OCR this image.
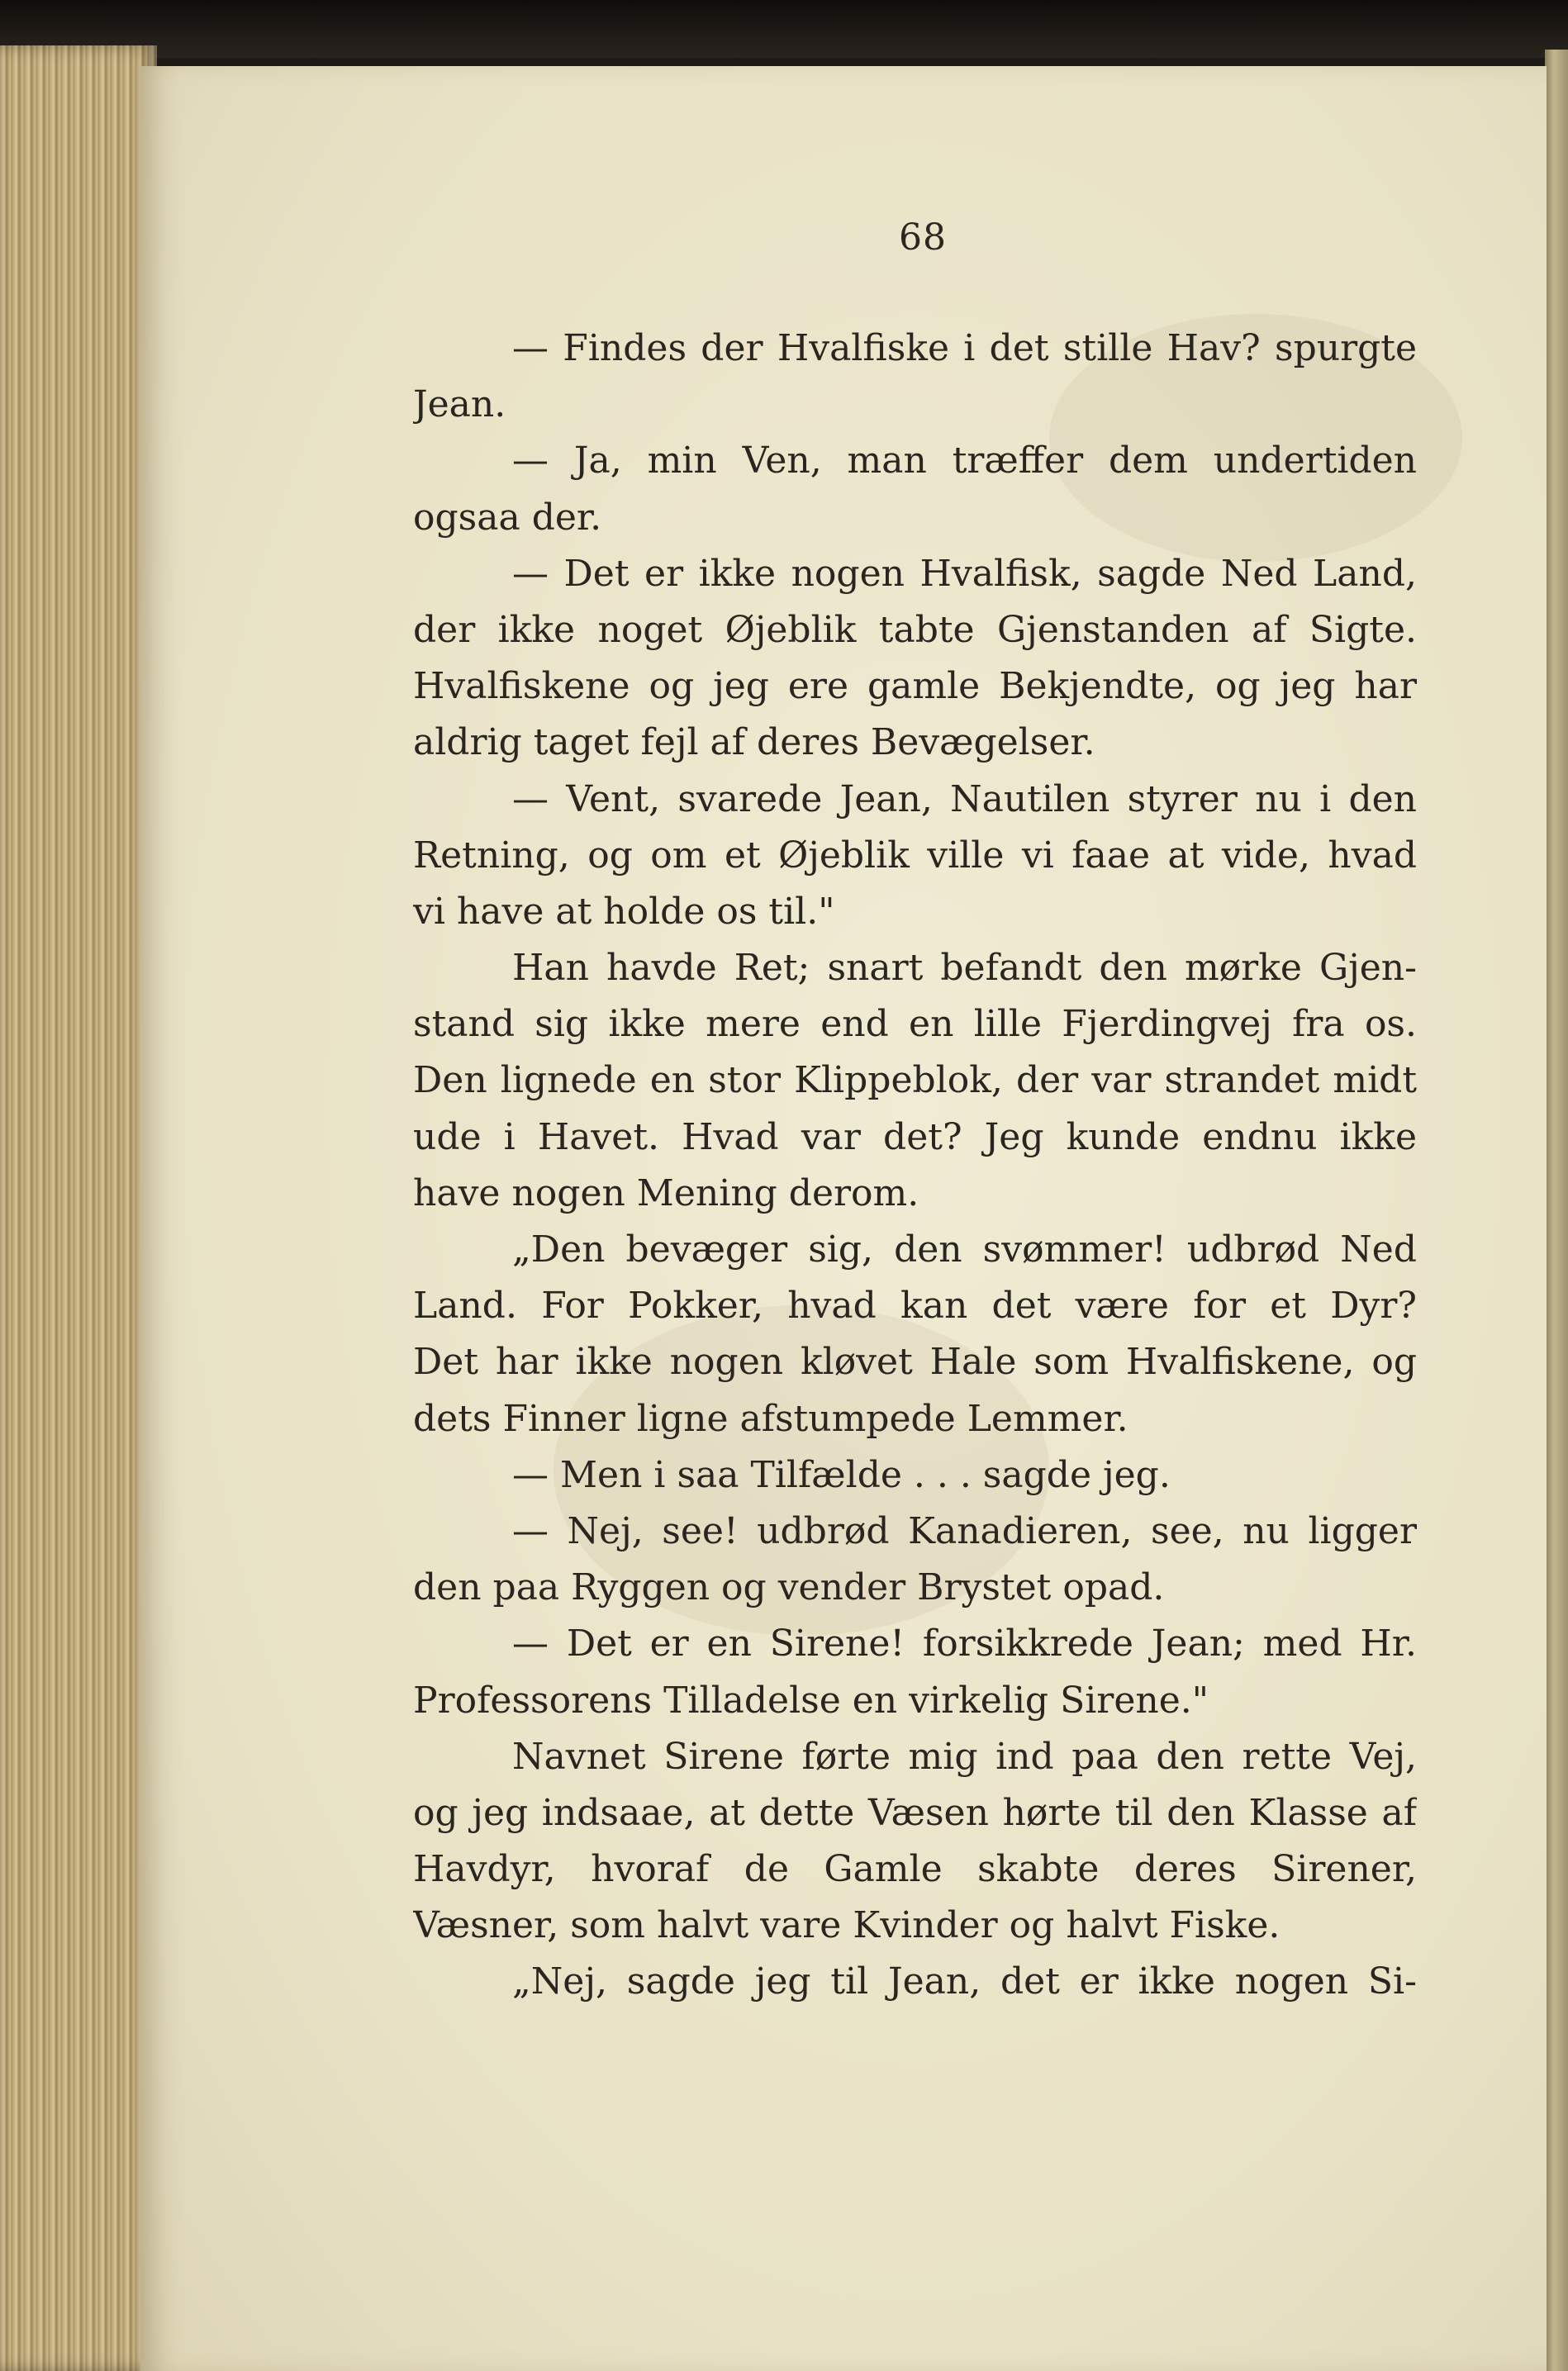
68
— Findes der Hvalfiske i det stille Hav? spurgte
Jean.
— Ja, min Ven, man træffer dem undertiden
ogsaa der.
— Det er ikke nogen Hvalfisk, sagde Ned Land,
der ikke noget Øjeblik tabte Gjenstanden af Sigte.
Hvalfiskene og jeg ere gamle Bekjendte, og jeg har
aldrig taget fejl af deres Bevægelser.
— Vent, svarede Jean, Nautilen styrer nu i den
Retning, og om et Øjeblik ville vi faae at vide, hvad
vi have at holde os til."
Han havde Ret; snart befandt den mørke Gjen-
stand sig ikke mere end en lille Fjerdingvej fra os.
Den lignede en stor Klippeblok, der var strandet midt
ude i Havet. Hvad var det? Jeg kunde endnu ikke
have nogen Mening derom.
„Den bevæger sig, den svømmer! udbrød Ned
Land. For Pokker, hvad kan det være for et Dyr?
Det har ikke nogen kløvet Hale som Hvalfiskene, og
dets Finner ligne afstumpede Lemmer.
— Men i saa Tilfælde . . . sagde jeg.
— Nej, see! udbrød Kanadieren, see, nu ligger
den paa Ryggen og vender Brystet opad.
— Det er en Sirene! forsikkrede Jean; med Hr.
Professorens Tilladelse en virkelig Sirene."
Navnet Sirene førte mig ind paa den rette Vej,
og jeg indsaae, at dette Væsen hørte til den Klasse af
Havdyr, hvoraf de Gamle skabte deres Sirener,
Væsner, som halvt vare Kvinder og halvt Fiske.
„Nej, sagde jeg til Jean, det er ikke nogen Si-
